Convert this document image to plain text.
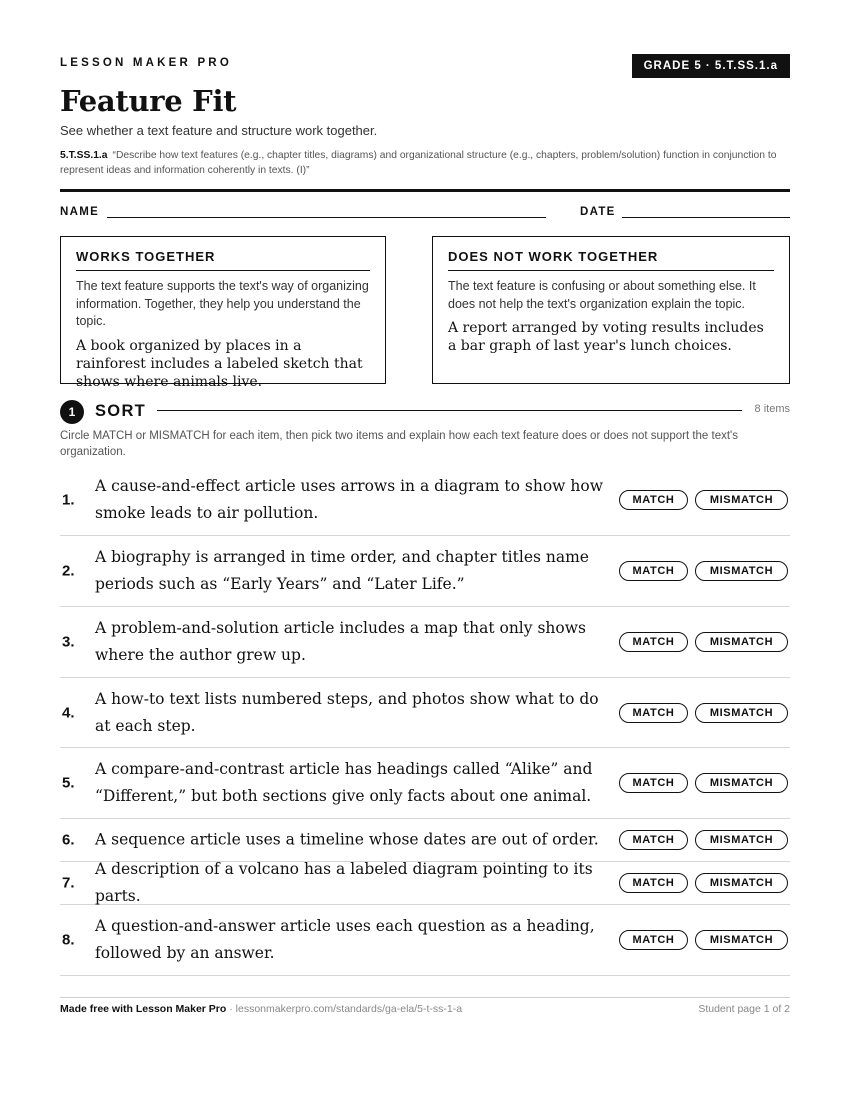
LESSON MAKER PRO	GRADE 5 · 5.T.SS.1.a
Feature Fit
See whether a text feature and structure work together.
5.T.SS.1.a “Describe how text features (e.g., chapter titles, diagrams) and organizational structure (e.g., chapters, problem/solution) function in conjunction to represent ideas and information coherently in texts. (I)”
NAME	DATE
WORKS TOGETHER
The text feature supports the text's way of organizing information. Together, they help you understand the topic.
A book organized by places in a rainforest includes a labeled sketch that shows where animals live.
DOES NOT WORK TOGETHER
The text feature is confusing or about something else. It does not help the text's organization explain the topic.
A report arranged by voting results includes a bar graph of last year's lunch choices.
1	SORT	8 items
Circle MATCH or MISMATCH for each item, then pick two items and explain how each text feature does or does not support the text's organization.
1.
A cause-and-effect article uses arrows in a diagram to show how smoke leads to air pollution.
MATCH	MISMATCH
2.
A biography is arranged in time order, and chapter titles name periods such as “Early Years” and “Later Life.”
MATCH	MISMATCH
3.
A problem-and-solution article includes a map that only shows where the author grew up.
MATCH	MISMATCH
4.
A how-to text lists numbered steps, and photos show what to do at each step.
MATCH	MISMATCH
5.
A compare-and-contrast article has headings called “Alike” and “Different,” but both sections give only facts about one animal.
MATCH	MISMATCH
6. A sequence article uses a timeline whose dates are out of order.	MATCH	MISMATCH
7.
A description of a volcano has a labeled diagram pointing to its parts.
MATCH	MISMATCH
8.
A question-and-answer article uses each question as a heading, followed by an answer.
MATCH	MISMATCH
Made free with Lesson Maker Pro · lessonmakerpro.com/standards/ga-ela/5-t-ss-1-a	Student page 1 of 2
